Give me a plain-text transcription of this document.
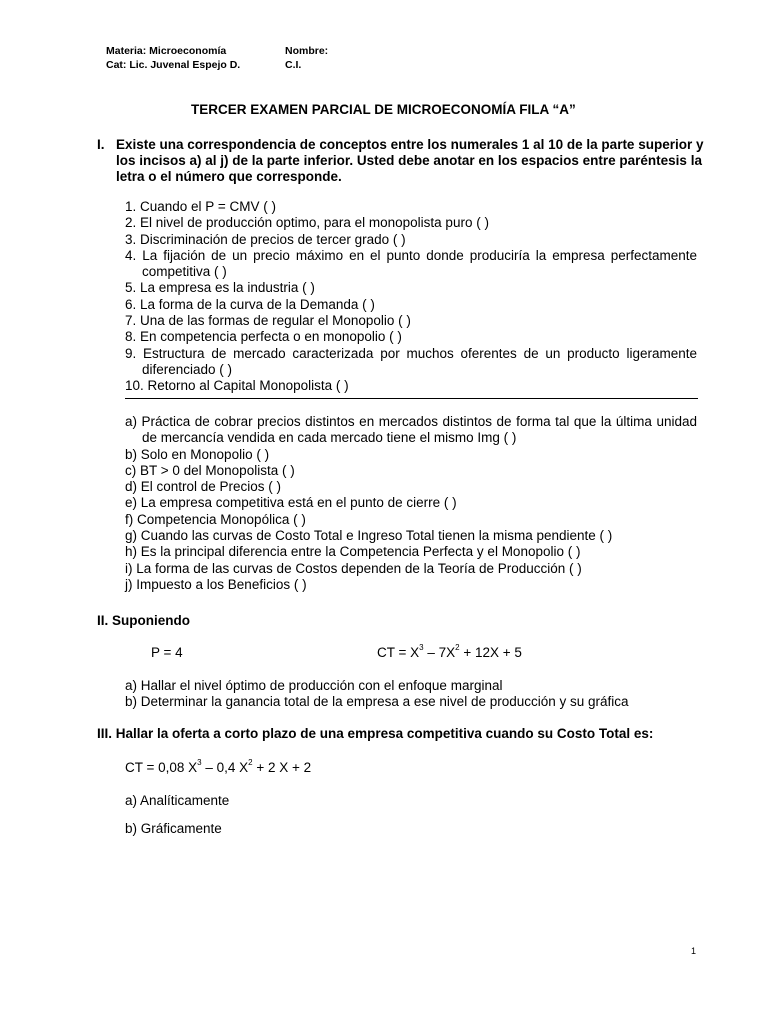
Materia: Microeconomía
Cat: Lic. Juvenal Espejo D.
Nombre:
C.I.
TERCER EXAMEN PARCIAL DE MICROECONOMÍA FILA “A”
I. Existe una correspondencia de conceptos entre los numerales 1 al 10 de la parte superior y los incisos a) al j) de la parte inferior. Usted debe anotar en los espacios entre paréntesis la letra o el número que corresponde.
1. Cuando el P = CMV ( )
2. El nivel de producción optimo, para el monopolista puro ( )
3. Discriminación de precios de tercer grado ( )
4. La fijación de un precio máximo en el punto donde produciría la empresa perfectamente competitiva ( )
5. La empresa es la industria ( )
6. La forma de la curva de la Demanda ( )
7. Una de las formas de regular el Monopolio ( )
8. En competencia perfecta o en monopolio ( )
9. Estructura de mercado caracterizada por muchos oferentes de un producto ligeramente diferenciado ( )
10. Retorno al Capital Monopolista ( )
a) Práctica de cobrar precios distintos en mercados distintos de forma tal que la última unidad de mercancía vendida en cada mercado tiene el mismo Img ( )
b) Solo en Monopolio ( )
c) BT > 0 del Monopolista ( )
d) El control de Precios ( )
e) La empresa competitiva está en el punto de cierre ( )
f) Competencia Monopólica ( )
g) Cuando las curvas de Costo Total e Ingreso Total tienen la misma pendiente ( )
h) Es la principal diferencia entre la Competencia Perfecta y el Monopolio ( )
i) La forma de las curvas de Costos dependen de la Teoría de Producción ( )
j) Impuesto a los Beneficios ( )
II. Suponiendo
P = 4	CT = $X^3 - 7X^2 + 12X + 5$
a) Hallar el nivel óptimo de producción con el enfoque marginal
b) Determinar la ganancia total de la empresa a ese nivel de producción y su gráfica
III. Hallar la oferta a corto plazo de una empresa competitiva cuando su Costo Total es:
CT = 0,08 $X^3 - 0,4$ $X^2 + 2$ X + 2
a) Analíticamente
b) Gráficamente
1
